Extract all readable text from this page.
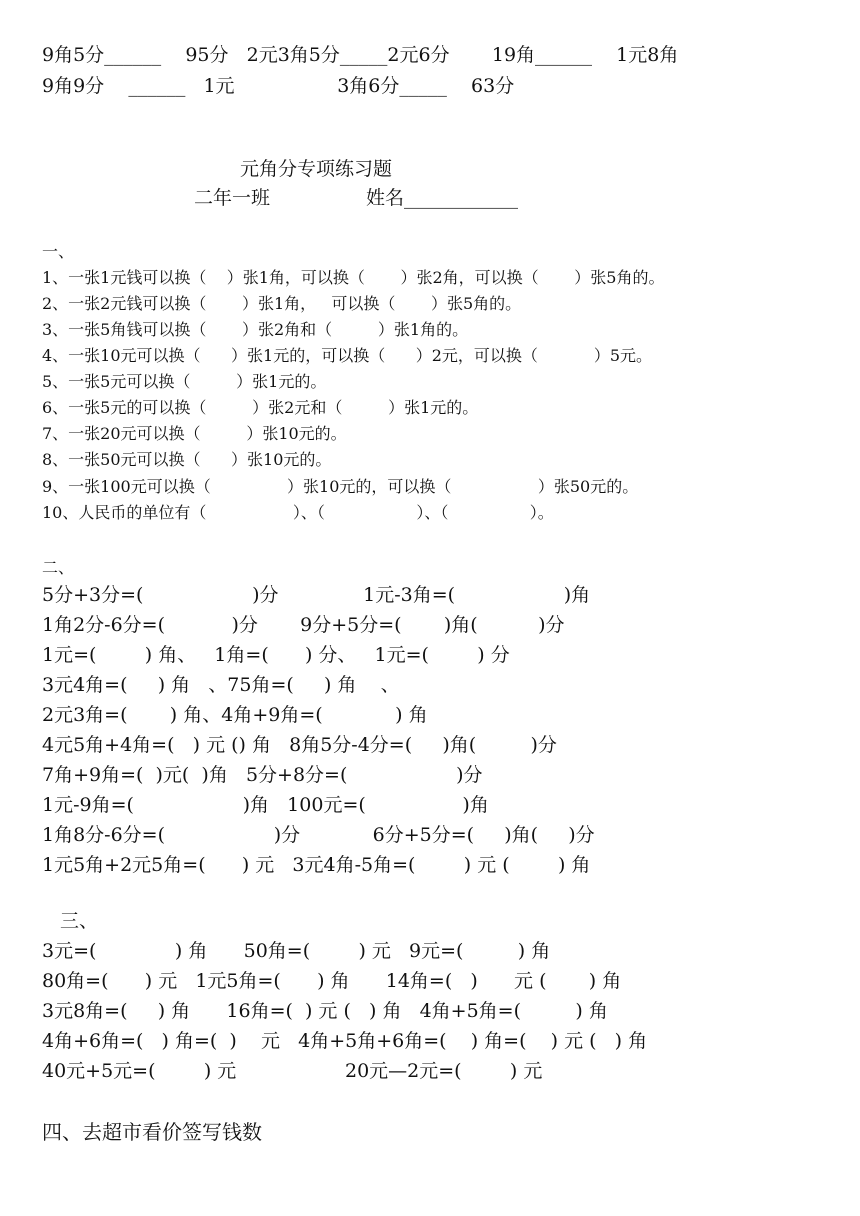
9角5分______    95分   2元3角5分_____2元6分       19角______    1元8角
9角9分    ______   1元                 3角6分_____    63分
元角分专项练习题
二年一班	姓名____________
一、
1、一张1元钱可以换（    ）张1角，可以换（       ）张2角，可以换（       ）张5角的。
2、一张2元钱可以换（       ）张1角，   可以换（       ）张5角的。
3、一张5角钱可以换（       ）张2角和（         ）张1角的。
4、一张10元可以换（      ）张1元的，可以换（      ）2元，可以换（           ）5元。
5、一张5元可以换（         ）张1元的。
6、一张5元的可以换（         ）张2元和（         ）张1元的。
7、一张20元可以换（         ）张10元的。
8、一张50元可以换（      ）张10元的。
9、一张100元可以换（               ）张10元的，可以换（                 ）张50元的。
10、人民币的单位有（                 ）、（                  ）、（                ）。
二、
5分+3分=(                  )分              1元-3角=(                  )角
1角2分-6分=(           )分       9分+5分=(       )角(          )分
1元=(        ) 角、   1角=(      ) 分、   1元=(        ) 分
3元4角=(     ) 角   、75角=(     ) 角    、
2元3角=(       ) 角、4角+9角=(            ) 角
4元5角+4角=(   ) 元 () 角   8角5分-4分=(     )角(         )分
7角+9角=(  )元(  )角   5分+8分=(                  )分
1元-9角=(                  )角   100元=(                )角
1角8分-6分=(                  )分            6分+5分=(     )角(     )分
1元5角+2元5角=(      ) 元   3元4角-5角=(        ) 元 (        ) 角
三、
3元=(             ) 角      50角=(        ) 元   9元=(         ) 角
80角=(      ) 元   1元5角=(      ) 角      14角=(   )      元 (       ) 角
3元8角=(     ) 角      16角=(  ) 元 (   ) 角   4角+5角=(         ) 角
4角+6角=(   ) 角=(  )    元   4角+5角+6角=(    ) 角=(    ) 元 (   ) 角
40元+5元=(        ) 元                  20元—2元=(        ) 元
四、去超市看价签写钱数
